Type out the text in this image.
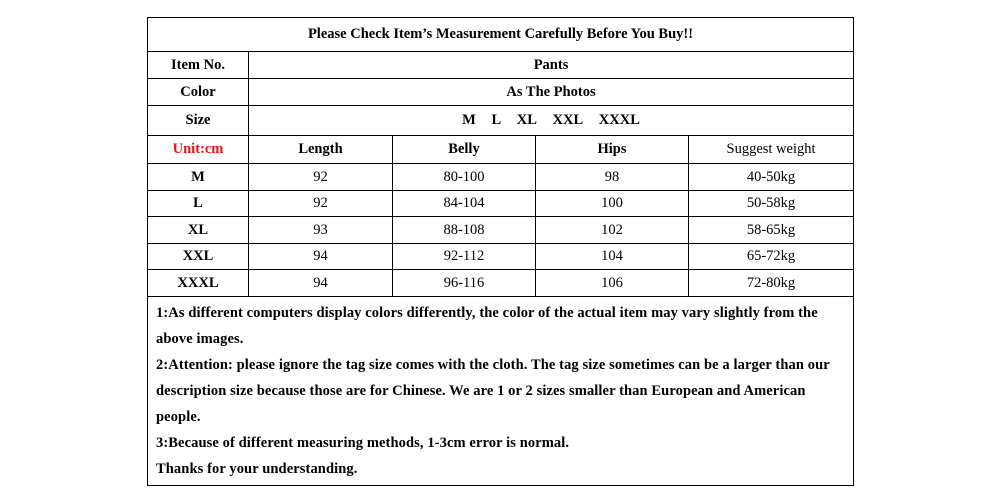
Please Check Item’s Measurement Carefully Before You Buy!!				
Item No.	Pants			
Color	As The Photos			
Size	M L XL XXL XXXL			
Unit:cm	Length	Belly	Hips	Suggest weight
M	92	80-100	98	40-50kg
L	92	84-104	100	50-58kg
XL	93	88-108	102	58-65kg
XXL	94	92-112	104	65-72kg
XXXL	94	96-116	106	72-80kg

1:As different computers display colors differently, the color of the actual item may vary slightly from the above images.

2:Attention: please ignore the tag size comes with the cloth. The tag size sometimes can be a larger than our description size because those are for Chinese. We are 1 or 2 sizes smaller than European and American people.

3:Because of different measuring methods, 1-3cm error is normal.

Thanks for your understanding.				
